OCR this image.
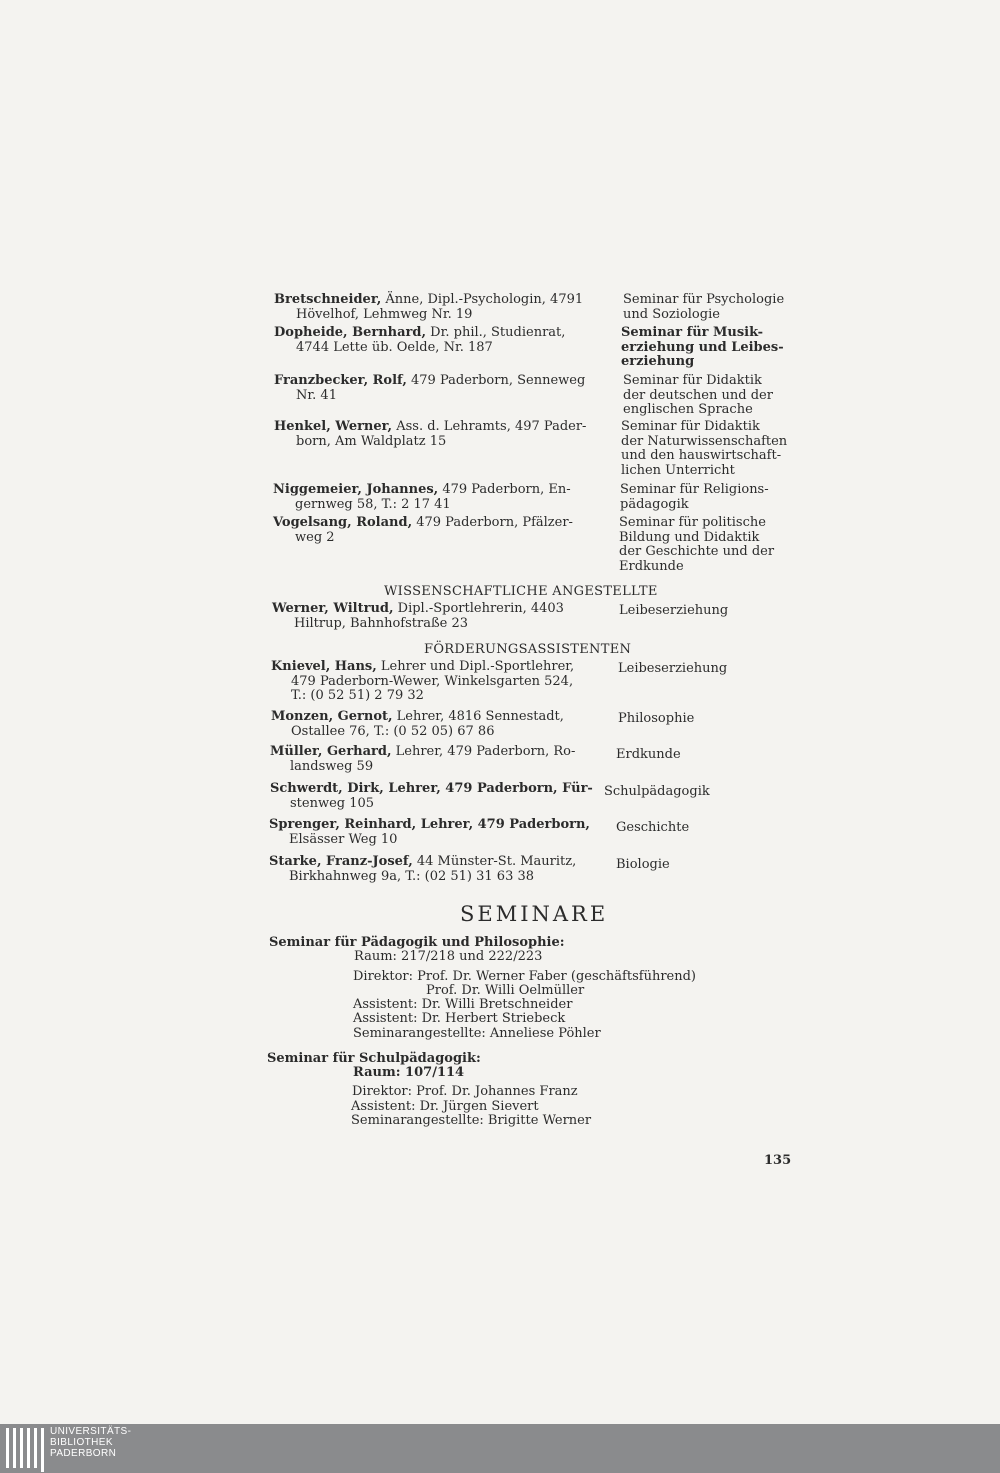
Bretschneider, Änne, Dipl.-Psychologin, 4791
Hövelhof, Lehmweg Nr. 19
Seminar für Psychologie
und Soziologie
Dopheide, Bernhard, Dr. phil., Studienrat,
4744 Lette üb. Oelde, Nr. 187
Seminar für Musik-
erziehung und Leibes-
erziehung
Franzbecker, Rolf, 479 Paderborn, Senneweg
Nr. 41
Seminar für Didaktik
der deutschen und der
englischen Sprache
Henkel, Werner, Ass. d. Lehramts, 497 Pader-
born, Am Waldplatz 15
Seminar für Didaktik
der Naturwissenschaften
und den hauswirtschaft-
lichen Unterricht
Niggemeier, Johannes, 479 Paderborn, En-
gernweg 58, T.: 2 17 41
Seminar für Religions-
pädagogik
Vogelsang, Roland, 479 Paderborn, Pfälzer-
weg 2
Seminar für politische
Bildung und Didaktik
der Geschichte und der
Erdkunde
WISSENSCHAFTLICHE ANGESTELLTE
Werner, Wiltrud, Dipl.-Sportlehrerin, 4403
Hiltrup, Bahnhofstraße 23
Leibeserziehung
FÖRDERUNGSASSISTENTEN
Knievel, Hans, Lehrer und Dipl.-Sportlehrer,
479 Paderborn-Wewer, Winkelsgarten 524,
T.: (0 52 51) 2 79 32
Leibeserziehung
Monzen, Gernot, Lehrer, 4816 Sennestadt,
Ostallee 76, T.: (0 52 05) 67 86
Philosophie
Müller, Gerhard, Lehrer, 479 Paderborn, Ro-
landsweg 59
Erdkunde
Schwerdt, Dirk, Lehrer, 479 Paderborn, Für-
stenweg 105
Schulpädagogik
Sprenger, Reinhard, Lehrer, 479 Paderborn,
Elsässer Weg 10
Geschichte
Starke, Franz-Josef, 44 Münster-St. Mauritz,
Birkhahnweg 9a, T.: (02 51) 31 63 38
Biologie
SEMINARE
Seminar für Pädagogik und Philosophie:
Raum: 217/218 und 222/223
Direktor: Prof. Dr. Werner Faber (geschäftsführend)
Prof. Dr. Willi Oelmüller
Assistent: Dr. Willi Bretschneider
Assistent: Dr. Herbert Striebeck
Seminarangestellte: Anneliese Pöhler
Seminar für Schulpädagogik:
Raum: 107/114
Direktor: Prof. Dr. Johannes Franz
Assistent: Dr. Jürgen Sievert
Seminarangestellte: Brigitte Werner
135
UNIVERSITÄTS-
BIBLIOTHEK
PADERBORN
